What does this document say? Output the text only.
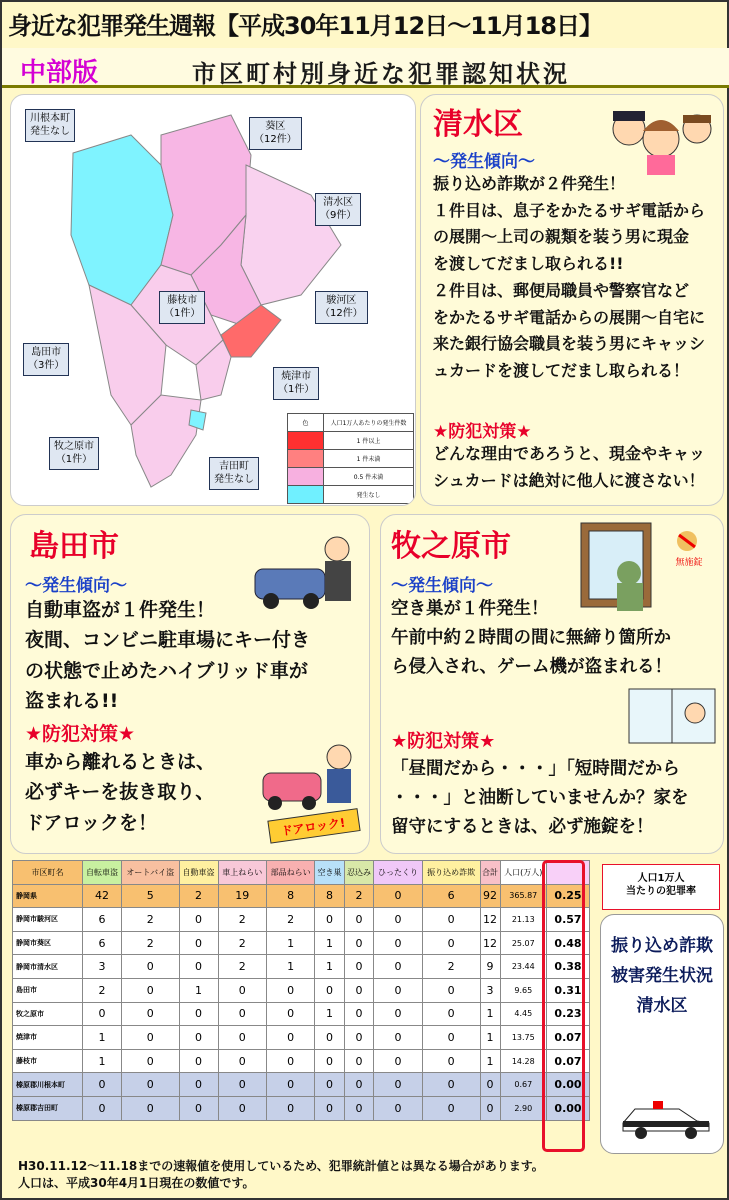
身近な犯罪発生週報【平成30年11月12日～11月18日】
中部版	市区町村別身近な犯罪認知状況
川根本町
発生なし	葵区
（12件）
清水区
（9件）
藤枝市
（1件）
駿河区
（12件）
島田市
（3件）
焼津市
（1件）
牧之原市
（1件）
吉田町
発生なし
色	人口1万人あたりの発生件数
	1 件以上
	1 件未満
	0.5 件未満
	発生なし
清水区
～発生傾向～
振り込め詐欺が２件発生！
１件目は、息子をかたるサギ電話から
の展開～上司の親類を装う男に現金
を渡してだまし取られる!!
２件目は、郵便局職員や警察官など
をかたるサギ電話からの展開～自宅に
来た銀行協会職員を装う男にキャッシ
ュカードを渡してだまし取られる！
★防犯対策★
どんな理由であろうと、現金やキャッ
シュカードは絶対に他人に渡さない！
島田市
～発生傾向～
自動車盗が１件発生！
夜間、コンビニ駐車場にキー付き
の状態で止めたハイブリッド車が
盗まれる!!
★防犯対策★
車から離れるときは、
必ずキーを抜き取り、
ドアロックを！	ドアロック!
牧之原市	無施錠
～発生傾向～
空き巣が１件発生！
午前中約２時間の間に無締り箇所か
ら侵入され、ゲーム機が盗まれる！
★防犯対策★
「昼間だから・・・」「短時間だから
・・・」と油断していませんか？家を
留守にするときは、必ず施錠を！
市区町名	自転車盗	オートバイ盗	自動車盗	車上ねらい	部品ねらい	空き巣	忍込み	ひったくり	振り込め詐欺	合計	人口(万人)	
静岡県	42	5	2	19	8	8	2	0	6	92	365.87	0.25
静岡市駿河区	6	2	0	2	2	0	0	0	0	12	21.13	0.57
静岡市葵区	6	2	0	2	1	1	0	0	0	12	25.07	0.48
静岡市清水区	3	0	0	2	1	1	0	0	2	9	23.44	0.38
島田市	2	0	1	0	0	0	0	0	0	3	9.65	0.31
牧之原市	0	0	0	0	0	1	0	0	0	1	4.45	0.23
焼津市	1	0	0	0	0	0	0	0	0	1	13.75	0.07
藤枝市	1	0	0	0	0	0	0	0	0	1	14.28	0.07
榛原郡川根本町	0	0	0	0	0	0	0	0	0	0	0.67	0.00
榛原郡吉田町	0	0	0	0	0	0	0	0	0	0	2.90	0.00
人口1万人
当たりの犯罪率
振り込め詐欺
被害発生状況
清水区
H30.11.12～11.18までの速報値を使用しているため、犯罪統計値とは異なる場合があります。
人口は、平成30年4月1日現在の数値です。
